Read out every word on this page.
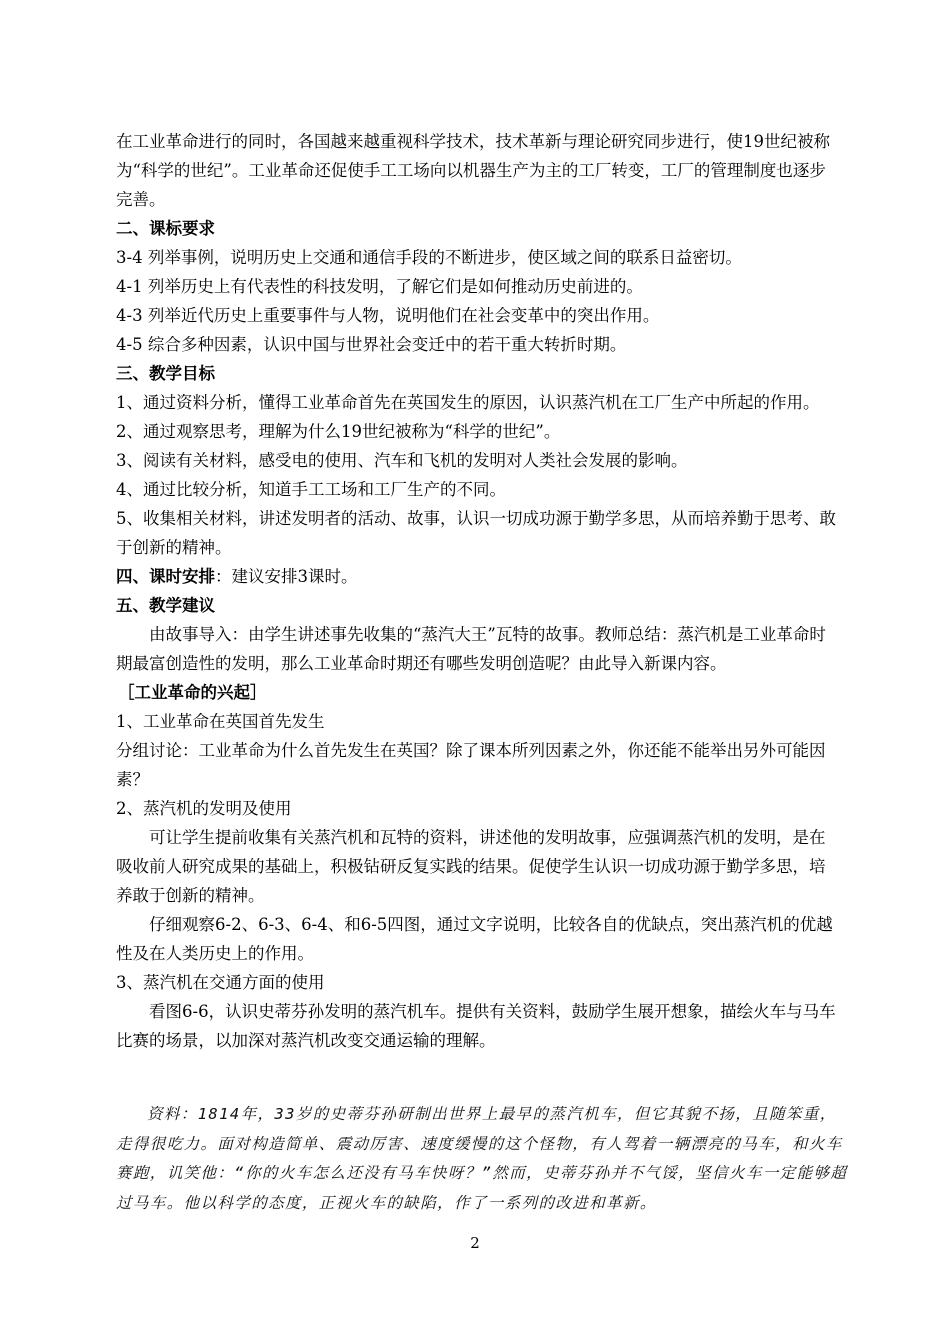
在工业革命进行的同时，各国越来越重视科学技术，技术革新与理论研究同步进行，使19世纪被称为“科学的世纪”。工业革命还促使手工工场向以机器生产为主的工厂转变，工厂的管理制度也逐步完善。

二、课标要求

3-4 列举事例，说明历史上交通和通信手段的不断进步，使区域之间的联系日益密切。

4-1 列举历史上有代表性的科技发明，了解它们是如何推动历史前进的。

4-3 列举近代历史上重要事件与人物，说明他们在社会变革中的突出作用。

4-5 综合多种因素，认识中国与世界社会变迁中的若干重大转折时期。

三、教学目标

1、通过资料分析，懂得工业革命首先在英国发生的原因，认识蒸汽机在工厂生产中所起的作用。

2、通过观察思考，理解为什么19世纪被称为“科学的世纪”。

3、阅读有关材料，感受电的使用、汽车和飞机的发明对人类社会发展的影响。

4、通过比较分析，知道手工工场和工厂生产的不同。

5、收集相关材料，讲述发明者的活动、故事，认识一切成功源于勤学多思，从而培养勤于思考、敢于创新的精神。

四、课时安排：建议安排3课时。

五、教学建议

由故事导入：由学生讲述事先收集的“蒸汽大王”瓦特的故事。教师总结：蒸汽机是工业革命时期最富创造性的发明，那么工业革命时期还有哪些发明创造呢？由此导入新课内容。

［工业革命的兴起］

1、工业革命在英国首先发生

分组讨论：工业革命为什么首先发生在英国？除了课本所列因素之外，你还能不能举出另外可能因素？

2、蒸汽机的发明及使用

可让学生提前收集有关蒸汽机和瓦特的资料，讲述他的发明故事，应强调蒸汽机的发明，是在吸收前人研究成果的基础上，积极钻研反复实践的结果。促使学生认识一切成功源于勤学多思，培养敢于创新的精神。

仔细观察6-2、6-3、6-4、和6-5四图，通过文字说明，比较各自的优缺点，突出蒸汽机的优越性及在人类历史上的作用。

3、蒸汽机在交通方面的使用

看图6-6，认识史蒂芬孙发明的蒸汽机车。提供有关资料，鼓励学生展开想象，描绘火车与马车比赛的场景，以加深对蒸汽机改变交通运输的理解。

资料：1814年，33岁的史蒂芬孙研制出世界上最早的蒸汽机车，但它其貌不扬，且随笨重，走得很吃力。面对构造简单、震动厉害、速度缓慢的这个怪物，有人驾着一辆漂亮的马车，和火车赛跑，讥笑他：“你的火车怎么还没有马车快呀？”然而，史蒂芬孙并不气馁，坚信火车一定能够超过马车。他以科学的态度，正视火车的缺陷，作了一系列的改进和革新。

2
